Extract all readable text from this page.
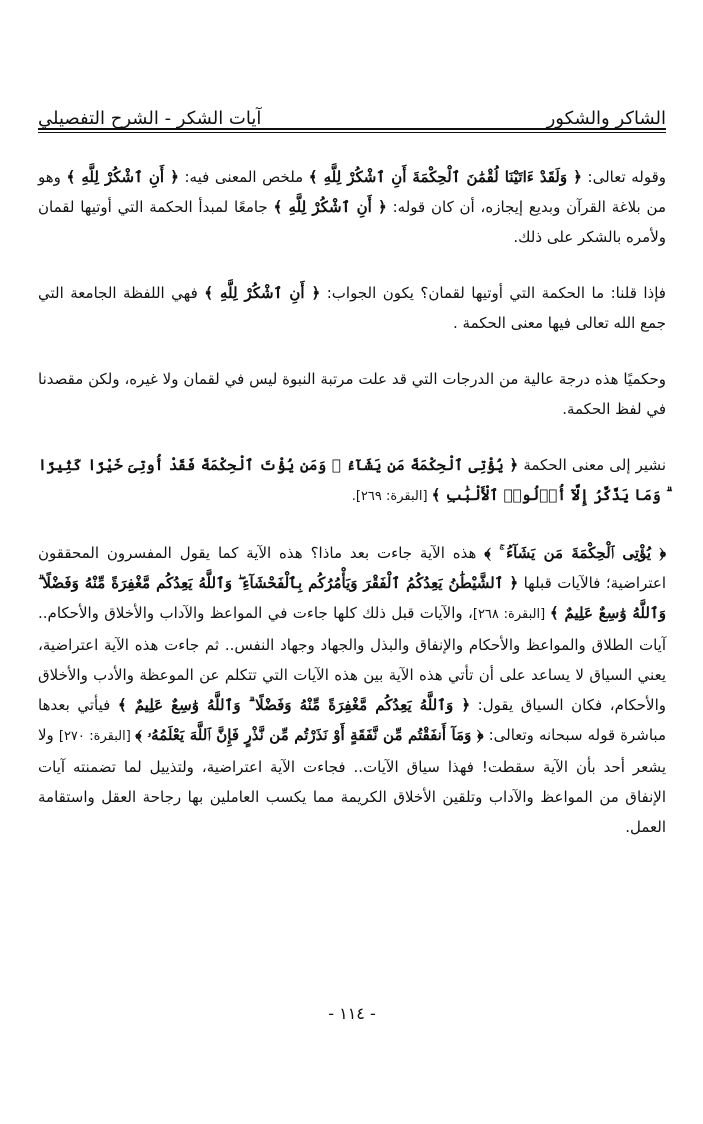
الشاكر والشكور
آيات الشكر - الشرح التفصيلي

وقوله تعالى: ﴿ وَلَقَدْ ءَاتَيْنَا لُقْمَٰنَ ٱلْحِكْمَةَ أَنِ ٱشْكُرْ لِلَّهِ ﴾ ملخص المعنى فيه: ﴿ أَنِ ٱشْكُرْ لِلَّهِ ﴾ وهو من بلاغة القرآن وبديع إيجازه، أن كان قوله: ﴿ أَنِ ٱشْكُرْ لِلَّهِ ﴾ جامعًا لمبدأ الحكمة التي أوتيها لقمان ولأمره بالشكر على ذلك.

فإذا قلنا: ما الحكمة التي أوتيها لقمان؟ يكون الجواب: ﴿ أَنِ ٱشْكُرْ لِلَّهِ ﴾ فهي اللفظة الجامعة التي جمع الله تعالى فيها معنى الحكمة .

وحكميًا هذه درجة عالية من الدرجات التي قد علت مرتبة النبوة ليس في لقمان ولا غيره، ولكن مقصدنا في لفظ الحكمة.

نشير إلى معنى الحكمة ﴿ يُؤْتِى ٱلْحِكْمَةَ مَن يَشَآءُ ۚ وَمَن يُؤْتَ ٱلْحِكْمَةَ فَقَدْ أُوتِىَ خَيْرًا كَثِيرًا ۗ وَمَا يَذَّكَّرُ إِلَّآ أُو۟لُوا۟ ٱلْأَلْبَٰبِ ﴾ [البقرة: ٢٦٩].

﴿ يُؤْتِى ٱلْحِكْمَةَ مَن يَشَآءُ ۚ ﴾ هذه الآية جاءت بعد ماذا؟ هذه الآية كما يقول المفسرون المحققون اعتراضية؛ فالآيات قبلها ﴿ ٱلشَّيْطَٰنُ يَعِدُكُمُ ٱلْفَقْرَ وَيَأْمُرُكُم بِٱلْفَحْشَآءِ ۖ وَٱللَّهُ يَعِدُكُم مَّغْفِرَةً مِّنْهُ وَفَضْلًا ۗ وَٱللَّهُ وَٰسِعٌ عَلِيمٌ ﴾ [البقرة: ٢٦٨]، والآيات قبل ذلك كلها جاءت في المواعظ والآداب والأخلاق والأحكام.. آيات الطلاق والمواعظ والأحكام والإنفاق والبذل والجهاد وجهاد النفس.. ثم جاءت هذه الآية اعتراضية، يعني السياق لا يساعد على أن تأتي هذه الآية بين هذه الآيات التي تتكلم عن الموعظة والأدب والأخلاق والأحكام، فكان السياق يقول: ﴿ وَٱللَّهُ يَعِدُكُم مَّغْفِرَةً مِّنْهُ وَفَضْلًا ۗ وَٱللَّهُ وَٰسِعٌ عَلِيمٌ ﴾ فيأتي بعدها مباشرة قوله سبحانه وتعالى: ﴿ وَمَآ أَنفَقْتُم مِّن نَّفَقَةٍ أَوْ نَذَرْتُم مِّن نَّذْرٍ فَإِنَّ ٱللَّهَ يَعْلَمُهُۥ ﴾ [البقرة: ٢٧٠] ولا يشعر أحد بأن الآية سقطت! فهذا سياق الآيات.. فجاءت الآية اعتراضية، ولتذييل لما تضمنته آيات الإنفاق من المواعظ والآداب وتلقين الأخلاق الكريمة مما يكسب العاملين بها رجاحة العقل واستقامة العمل.

- ١١٤ -
